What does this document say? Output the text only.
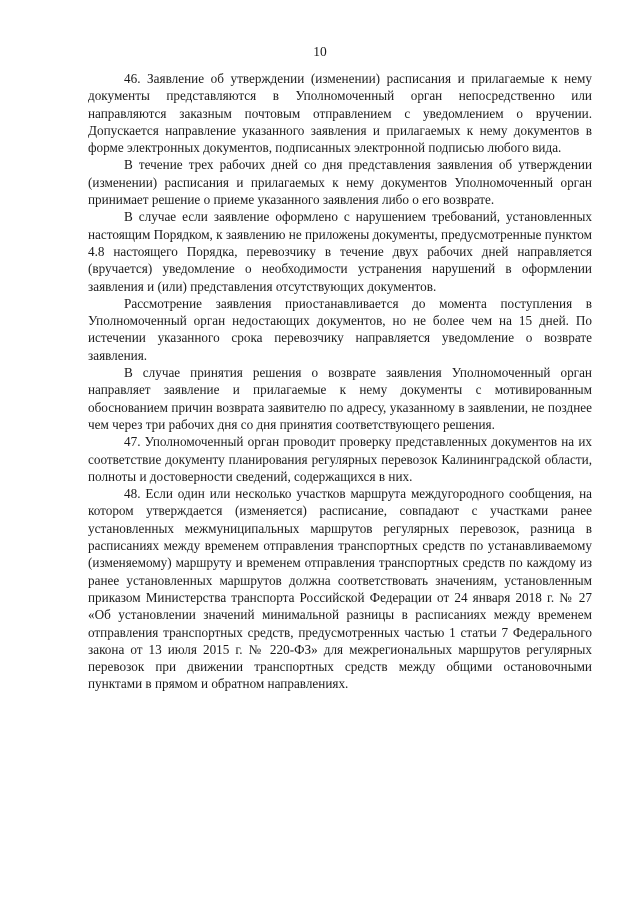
10

46. Заявление об утверждении (изменении) расписания и прилагаемые к нему документы представляются в Уполномоченный орган непосредственно или направляются заказным почтовым отправлением с уведомлением о вручении. Допускается направление указанного заявления и прилагаемых к нему документов в форме электронных документов, подписанных электронной подписью любого вида.

В течение трех рабочих дней со дня представления заявления об утверждении (изменении) расписания и прилагаемых к нему документов Уполномоченный орган принимает решение о приеме указанного заявления либо о его возврате.

В случае если заявление оформлено с нарушением требований, установленных настоящим Порядком, к заявлению не приложены документы, предусмотренные пунктом 4.8 настоящего Порядка, перевозчику в течение двух рабочих дней направляется (вручается) уведомление о необходимости устранения нарушений в оформлении заявления и (или) представления отсутствующих документов.

Рассмотрение заявления приостанавливается до момента поступления в Уполномоченный орган недостающих документов, но не более чем на 15 дней. По истечении указанного срока перевозчику направляется уведомление о возврате заявления.

В случае принятия решения о возврате заявления Уполномоченный орган направляет заявление и прилагаемые к нему документы с мотивированным обоснованием причин возврата заявителю по адресу, указанному в заявлении, не позднее чем через три рабочих дня со дня принятия соответствующего решения.

47. Уполномоченный орган проводит проверку представленных документов на их соответствие документу планирования регулярных перевозок Калининградской области, полноты и достоверности сведений, содержащихся в них.

48. Если один или несколько участков маршрута междугородного сообщения, на котором утверждается (изменяется) расписание, совпадают с участками ранее установленных межмуниципальных маршрутов регулярных перевозок, разница в расписаниях между временем отправления транспортных средств по устанавливаемому (изменяемому) маршруту и временем отправления транспортных средств по каждому из ранее установленных маршрутов должна соответствовать значениям, установленным приказом Министерства транспорта Российской Федерации от 24 января 2018 г. № 27 «Об установлении значений минимальной разницы в расписаниях между временем отправления транспортных средств, предусмотренных частью 1 статьи 7 Федерального закона от 13 июля 2015 г. № 220-ФЗ» для межрегиональных маршрутов регулярных перевозок при движении транспортных средств между общими остановочными пунктами в прямом и обратном направлениях.
